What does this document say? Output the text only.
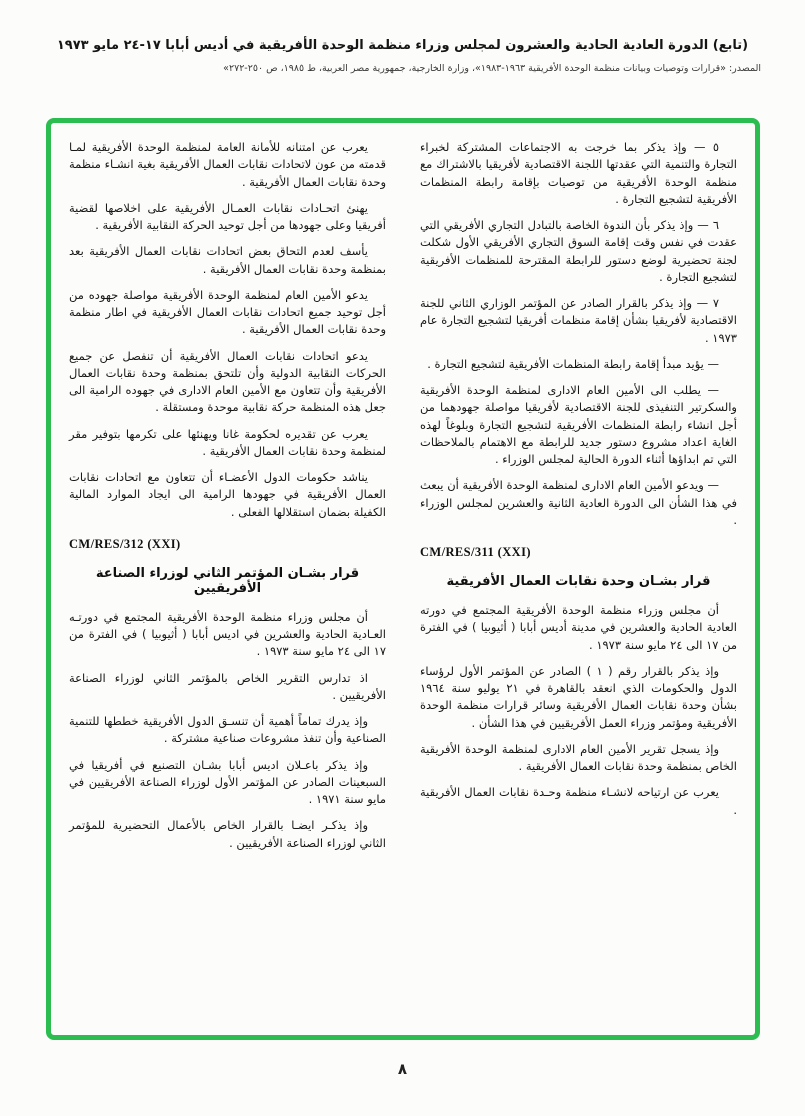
(تابع) الدورة العادية الحادية والعشرون لمجلس وزراء منظمة الوحدة الأفريقية في أديس أبابا ١٧-٢٤ مايو ١٩٧٣
المصدر: «قرارات وتوصيات وبيانات منظمة الوحدة الأفريقية ١٩٦٣-١٩٨٣»، وزارة الخارجية، جمهورية مصر العربية، ط ١٩٨٥، ص ٢٥٠-٢٧٢»

٥ — وإذ يذكر بما خرجت به الاجتماعات المشتركة لخبراء التجارة والتنمية التي عقدتها اللجنة الاقتصادية لأفريقيا بالاشتراك مع منظمة الوحدة الأفريقية من توصيات بإقامة رابطة المنظمات الأفريقية لتشجيع التجارة .

٦ — وإذ يذكر بأن الندوة الخاصة بالتبادل التجاري الأفريقي التي عقدت في نفس وقت إقامة السوق التجاري الأفريقي الأول شكلت لجنة تحضيرية لوضع دستور للرابطة المقترحة للمنظمات الأفريقية لتشجيع التجارة .

٧ — وإذ يذكر بالقرار الصادر عن المؤتمر الوزاري الثاني للجنة الاقتصادية لأفريقيا بشأن إقامة منظمات أفريقيا لتشجيع التجارة عام ١٩٧٣ .

— يؤيد مبدأ إقامة رابطة المنظمات الأفريقية لتشجيع التجارة .

— يطلب الى الأمين العام الادارى لمنظمة الوحدة الأفريقية والسكرتير التنفيذى للجنة الاقتصادية لأفريقيا مواصلة جهودهما من أجل انشاء رابطة المنظمات الأفريقية لتشجيع التجارة وبلوغاً لهذه الغاية اعداد مشروع دستور جديد للرابطة مع الاهتمام بالملاحظات التي تم ابداؤها أثناء الدورة الحالية لمجلس الوزراء .

— ويدعو الأمين العام الادارى لمنظمة الوحدة الأفريقية أن يبعث في هذا الشأن الى الدورة العادية الثانية والعشرين لمجلس الوزراء .

CM/RES/311 (XXI)
قرار بشـان وحدة نقابات العمال الأفريقية

أن مجلس وزراء منظمة الوحدة الأفريقية المجتمع في دورته العادية الحادية والعشرين في مدينة أديس أبابا ( أثيوبيا ) في الفترة من ١٧ الى ٢٤ مايو سنة ١٩٧٣ .

وإذ يذكر بالقرار رقم ( ١ ) الصادر عن المؤتمر الأول لرؤساء الدول والحكومات الذي انعقد بالقاهرة في ٢١ يوليو سنة ١٩٦٤ بشأن وحدة نقابات العمال الأفريقية وسائر قرارات منظمة الوحدة الأفريقية ومؤتمر وزراء العمل الأفريقيين في هذا الشأن .

وإذ يسجل تقرير الأمين العام الادارى لمنظمة الوحدة الأفريقية الخاص بمنظمة وحدة نقابات العمال الأفريقية .

يعرب عن ارتياحه لانشـاء منظمة وحـدة نقابات العمال الأفريقية .

يعرب عن امتنانه للأمانة العامة لمنظمة الوحدة الأفريقية لمـا قدمته من عون لاتحادات نقابات العمال الأفريقية بغية انشـاء منظمة وحدة نقابات العمال الأفريقية .

يهنئ اتحـادات نقابات العمـال الأفريقية على اخلاصها لقضية أفريقيا وعلى جهودها من أجل توحيد الحركة النقابية الأفريقية .

يأسف لعدم التحاق بعض اتحادات نقابات العمال الأفريقية بعد بمنظمة وحدة نقابات العمال الأفريقية .

يدعو الأمين العام لمنظمة الوحدة الأفريقية مواصلة جهوده من أجل توحيد جميع اتحادات نقابات العمال الأفريقية في اطار منظمة وحدة نقابات العمال الأفريقية .

يدعو اتحادات نقابات العمال الأفريقية أن تنفصل عن جميع الحركات النقابية الدولية وأن تلتحق بمنظمة وحدة نقابات العمال الأفريقية وأن تتعاون مع الأمين العام الادارى في جهوده الرامية الى جعل هذه المنظمة حركة نقابية موحدة ومستقلة .

يعرب عن تقديره لحكومة غانا ويهنئها على تكرمها بتوفير مقر لمنظمة وحدة نقابات العمال الأفريقية .

يناشد حكومات الدول الأعضـاء أن تتعاون مع اتحادات نقابات العمال الأفريقية في جهودها الرامية الى ايجاد الموارد المالية الكفيلة بضمان استقلالها الفعلى .

CM/RES/312 (XXI)
قرار بشـان المؤتمر الثاني لوزراء الصناعة الأفريقيين

أن مجلس وزراء منظمة الوحدة الأفريقية المجتمع في دورتـه العـادية الحادية والعشرين في اديس أبابا ( أثيوبيا ) في الفترة من ١٧ الى ٢٤ مايو سنة ١٩٧٣ .

اذ تدارس التقرير الخاص بالمؤتمر الثاني لوزراء الصناعة الأفريقيين .

وإذ يدرك تماماً أهمية أن تنسـق الدول الأفريقية خططها للتنمية الصناعية وأن تنفذ مشروعات صناعية مشتركة .

وإذ يذكر باعـلان اديس أبابا بشـان التصنيع في أفريقيا في السبعينات الصادر عن المؤتمر الأول لوزراء الصناعة الأفريقيين في مايو سنة ١٩٧١ .

وإذ يذكـر ايضـا بالقرار الخاص بالأعمال التحضيرية للمؤتمر الثاني لوزراء الصناعة الأفريقيين .

٨
